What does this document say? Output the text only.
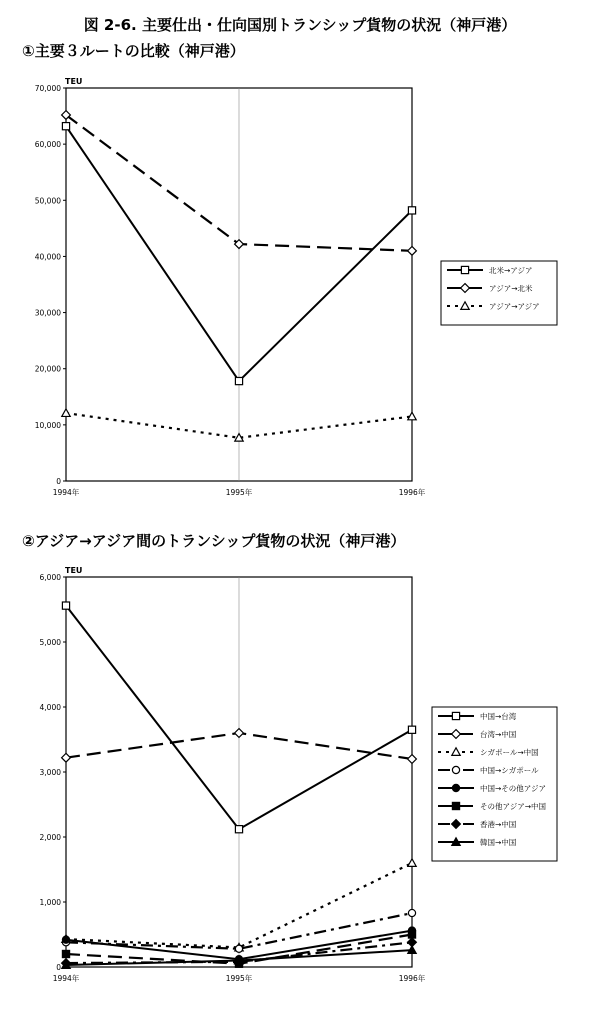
図 2-6. 主要仕出・仕向国別トランシップ貨物の状況（神戸港）
①主要３ルートの比較（神戸港）
②アジア→アジア間のトランシップ貨物の状況（神戸港）
0
10,000
20,000
30,000
40,000
50,000
60,000
70,000
TEU
1994年	1995年	1996年
北米→アジア
アジア→北米
アジア→アジア
0
1,000
2,000
3,000
4,000
5,000
6,000
TEU
1994年	1995年	1996年
中国→台湾
台湾→中国
シガポール→中国
中国→シガポール
中国→その他アジア
その他アジア→中国
香港→中国
韓国→中国
